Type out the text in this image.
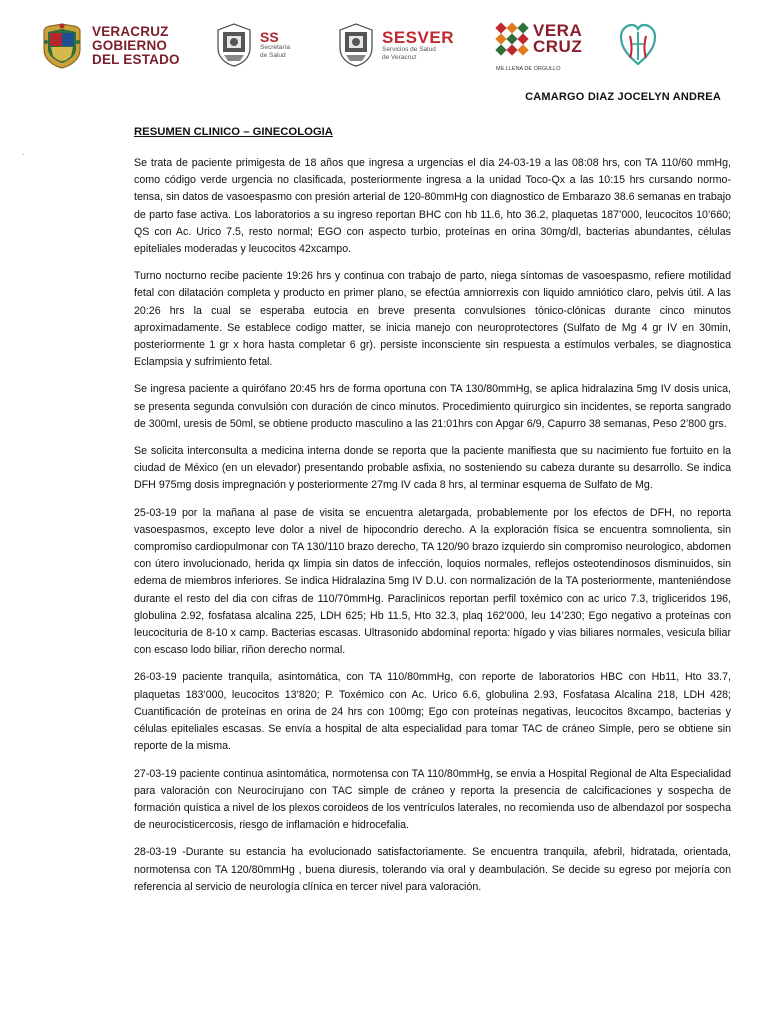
VERACRUZ
GOBIERNO
DEL ESTADO
SS
Secretaría
de Salud
SESVER
Servicios de Salud
de Veracruz
VERA
CRUZ
ME LLENA DE ORGULLO
CAMARGO DIAZ JOCELYN ANDREA
.
RESUMEN CLINICO – GINECOLOGIA

Se trata de paciente primigesta de 18 años que ingresa a urgencias el día 24-03-19 a las 08:08 hrs, con TA 110/60 mmHg, como código verde urgencia no clasificada, posteriormente ingresa a la unidad Toco-Qx a las 10:15 hrs cursando normo-tensa, sin datos de vasoespasmo con presión arterial de 120-80mmHg con diagnostico de Embarazo 38.6 semanas en trabajo de parto fase activa. Los laboratorios a su ingreso reportan BHC con hb 11.6, hto 36.2, plaquetas 187’000, leucocitos 10’660; QS con Ac. Urico 7.5, resto normal; EGO con aspecto turbio, proteínas en orina 30mg/dl, bacterias abundantes, células epiteliales moderadas y leucocitos 42xcampo.

Turno nocturno recibe paciente 19:26 hrs y continua con trabajo de parto, niega síntomas de vasoespasmo, refiere motilidad fetal con dilatación completa y producto en primer plano, se efectúa amniorrexis con liquido amniótico claro, pelvis útil. A las 20:26 hrs la cual se esperaba eutocia en breve presenta convulsiones tónico-clónicas durante cinco minutos aproximadamente. Se establece codigo matter, se inicia manejo con neuroprotectores (Sulfato de Mg 4 gr IV en 30min, posteriormente 1 gr x hora hasta completar 6 gr). persiste inconsciente sin respuesta a estímulos verbales, se diagnostica Eclampsia y sufrimiento fetal.

Se ingresa paciente a quirófano 20:45 hrs de forma oportuna con TA 130/80mmHg, se aplica hidralazina 5mg IV dosis unica, se presenta segunda convulsión con duración de cinco minutos. Procedimiento quirurgico sin incidentes, se reporta sangrado de 300ml, uresis de 50ml, se obtiene producto masculino a las 21:01hrs con Apgar 6/9, Capurro 38 semanas, Peso 2’800 grs.

Se solicita interconsulta a medicina interna donde se reporta que la paciente manifiesta que su nacimiento fue fortuito en la ciudad de México (en un elevador) presentando probable asfixia, no sosteniendo su cabeza durante su desarrollo. Se indica DFH 975mg dosis impregnación y posteriormente 27mg IV cada 8 hrs, al terminar esquema de Sulfato de Mg.

25-03-19 por la mañana al pase de visita se encuentra aletargada, probablemente por los efectos de DFH, no reporta vasoespasmos, excepto leve dolor a nivel de hipocondrio derecho. A la exploración física se encuentra somnolienta, sin compromiso cardiopulmonar con TA 130/110 brazo derecho, TA 120/90 brazo izquierdo sin compromiso neurologico, abdomen con útero involucionado, herida qx limpia sin datos de infección, loquios normales, reflejos osteotendinosos disminuidos, sin edema de miembros inferiores. Se indica Hidralazina 5mg IV D.U. con normalización de la TA posteriormente, manteniéndose durante el resto del dia con cifras de 110/70mmHg. Paraclinicos reportan perfil toxémico con ac urico 7.3, trigliceridos 196, globulina 2.92, fosfatasa alcalina 225, LDH 625; Hb 11.5, Hto 32.3, plaq 162’000, leu 14’230; Ego negativo a proteínas con leucocituria de 8-10 x camp. Bacterias escasas. Ultrasonido abdominal reporta: hígado y vias biliares normales, vesicula biliar con escaso lodo biliar, riñon derecho normal.

26-03-19 paciente tranquila, asintomática, con TA 110/80mmHg, con reporte de laboratorios HBC con Hb11, Hto 33.7, plaquetas 183’000, leucocitos 13’820; P. Toxémico con Ac. Urico 6.6, globulina 2.93, Fosfatasa Alcalina 218, LDH 428; Cuantificación de proteínas en orina de 24 hrs con 100mg; Ego con proteínas negativas, leucocitos 8xcampo, bacterias y células epiteliales escasas. Se envía a hospital de alta especialidad para tomar TAC de cráneo Simple, pero se obtiene sin reporte de la misma.

27-03-19 paciente continua asintomática, normotensa con TA 110/80mmHg, se envia a Hospital Regional de Alta Especialidad para valoración con Neurocirujano con TAC simple de cráneo y reporta la presencia de calcificaciones y sospecha de formación quística a nivel de los plexos coroideos de los ventrículos laterales, no recomienda uso de albendazol por sospecha de neurocisticercosis, riesgo de inflamación e hidrocefalia.

28-03-19 -Durante su estancia ha evolucionado satisfactoriamente. Se encuentra tranquila, afebril, hidratada, orientada, normotensa con TA 120/80mmHg , buena diuresis, tolerando via oral y deambulación. Se decide su egreso por mejoría con referencia al servicio de neurología clínica en tercer nivel para valoración.
